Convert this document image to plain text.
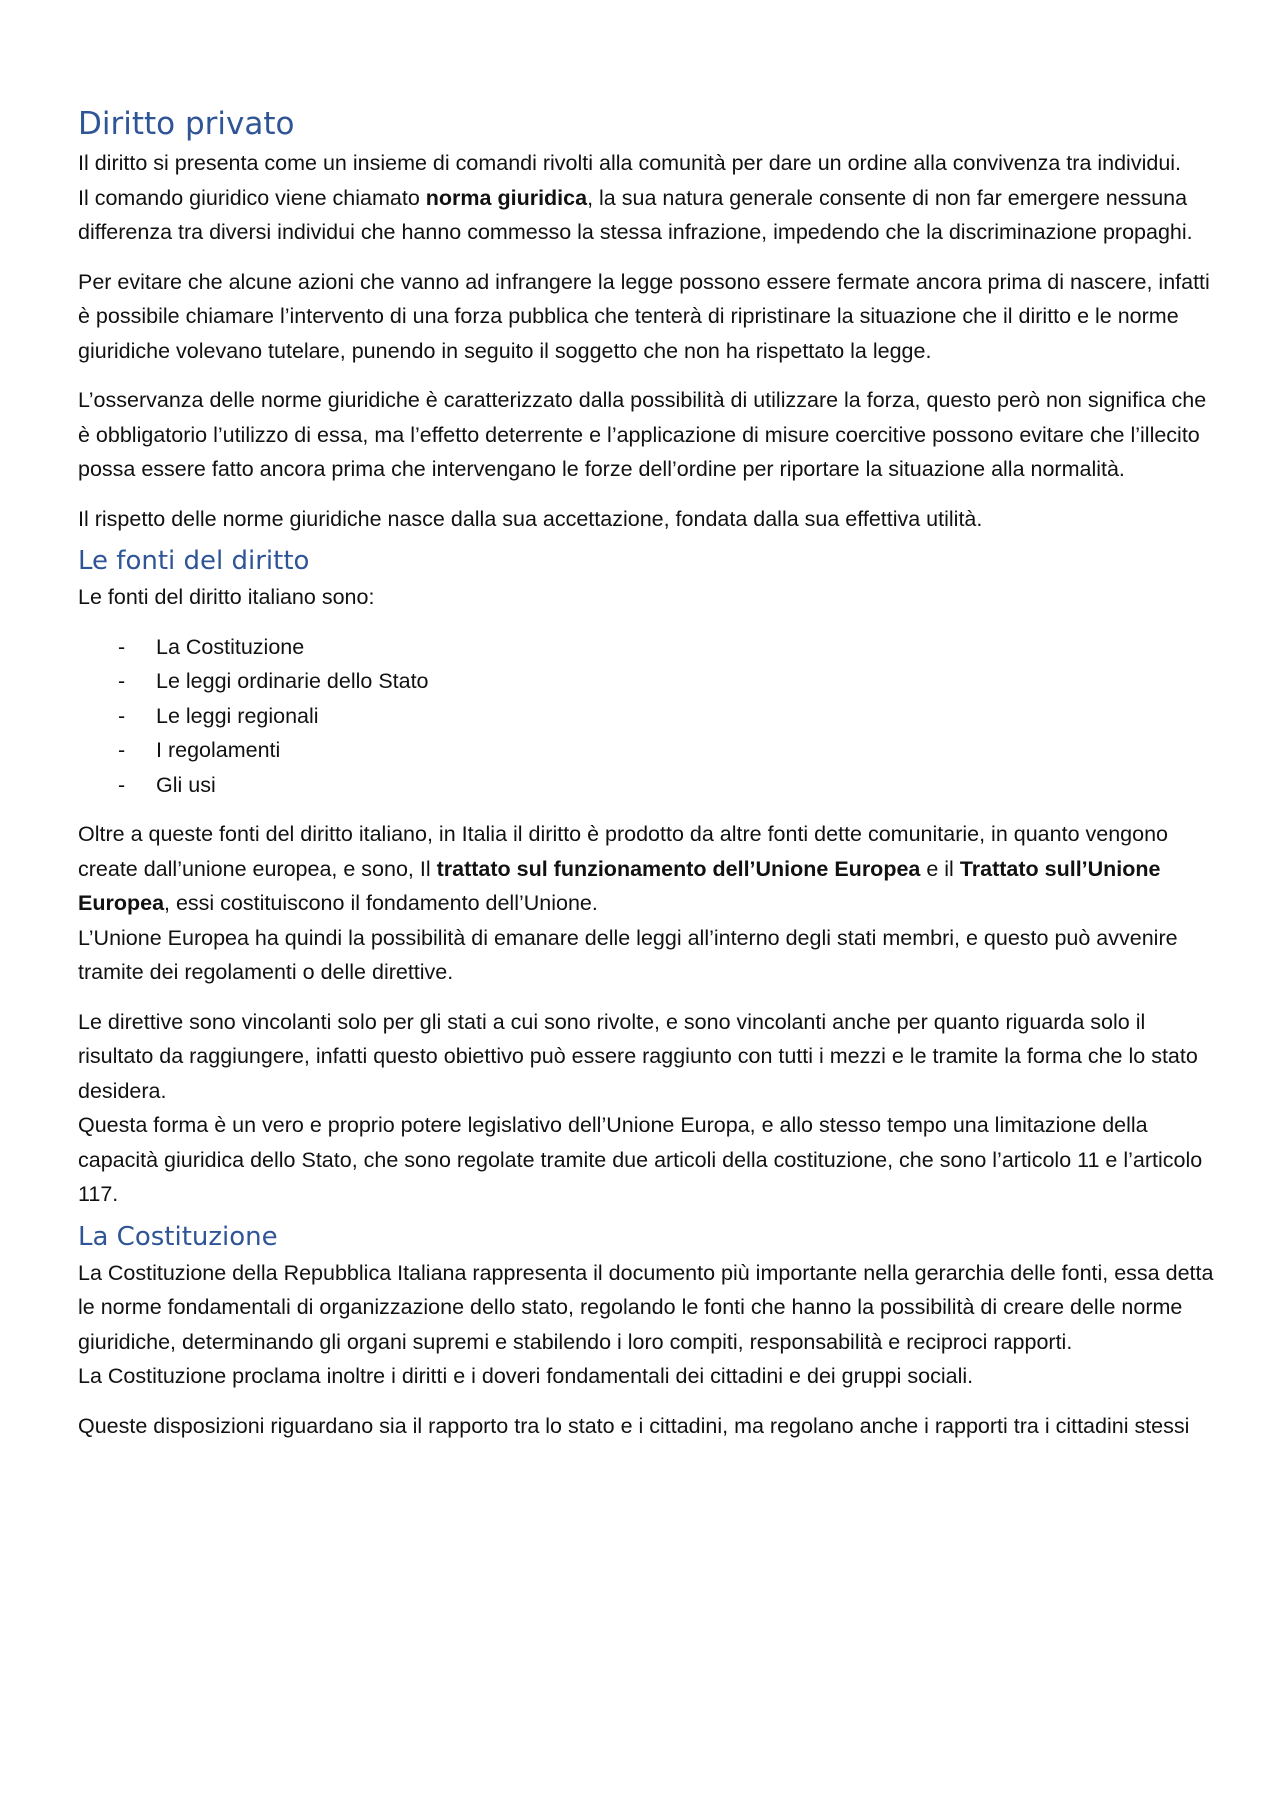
Diritto privato

Il diritto si presenta come un insieme di comandi rivolti alla comunità per dare un ordine alla convivenza tra individui.

Il comando giuridico viene chiamato norma giuridica, la sua natura generale consente di non far emergere nessuna differenza tra diversi individui che hanno commesso la stessa infrazione, impedendo che la discriminazione propaghi.

Per evitare che alcune azioni che vanno ad infrangere la legge possono essere fermate ancora prima di nascere, infatti è possibile chiamare l’intervento di una forza pubblica che tenterà di ripristinare la situazione che il diritto e le norme giuridiche volevano tutelare, punendo in seguito il soggetto che non ha rispettato la legge.

L’osservanza delle norme giuridiche è caratterizzato dalla possibilità di utilizzare la forza, questo però non significa che è obbligatorio l’utilizzo di essa, ma l’effetto deterrente e l’applicazione di misure coercitive possono evitare che l’illecito possa essere fatto ancora prima che intervengano le forze dell’ordine per riportare la situazione alla normalità.

Il rispetto delle norme giuridiche nasce dalla sua accettazione, fondata dalla sua effettiva utilità.

Le fonti del diritto

Le fonti del diritto italiano sono:

- La Costituzione
- Le leggi ordinarie dello Stato
- Le leggi regionali
- I regolamenti
- Gli usi

Oltre a queste fonti del diritto italiano, in Italia il diritto è prodotto da altre fonti dette comunitarie, in quanto vengono create dall’unione europea, e sono, Il trattato sul funzionamento dell’Unione Europea e il Trattato sull’Unione Europea, essi costituiscono il fondamento dell’Unione.

L’Unione Europea ha quindi la possibilità di emanare delle leggi all’interno degli stati membri, e questo può avvenire tramite dei regolamenti o delle direttive.

Le direttive sono vincolanti solo per gli stati a cui sono rivolte, e sono vincolanti anche per quanto riguarda solo il risultato da raggiungere, infatti questo obiettivo può essere raggiunto con tutti i mezzi e le tramite la forma che lo stato desidera.

Questa forma è un vero e proprio potere legislativo dell’Unione Europa, e allo stesso tempo una limitazione della capacità giuridica dello Stato, che sono regolate tramite due articoli della costituzione, che sono l’articolo 11 e l’articolo 117.

La Costituzione

La Costituzione della Repubblica Italiana rappresenta il documento più importante nella gerarchia delle fonti, essa detta le norme fondamentali di organizzazione dello stato, regolando le fonti che hanno la possibilità di creare delle norme giuridiche, determinando gli organi supremi e stabilendo i loro compiti, responsabilità e reciproci rapporti.

La Costituzione proclama inoltre i diritti e i doveri fondamentali dei cittadini e dei gruppi sociali.

Queste disposizioni riguardano sia il rapporto tra lo stato e i cittadini, ma regolano anche i rapporti tra i cittadini stessi
